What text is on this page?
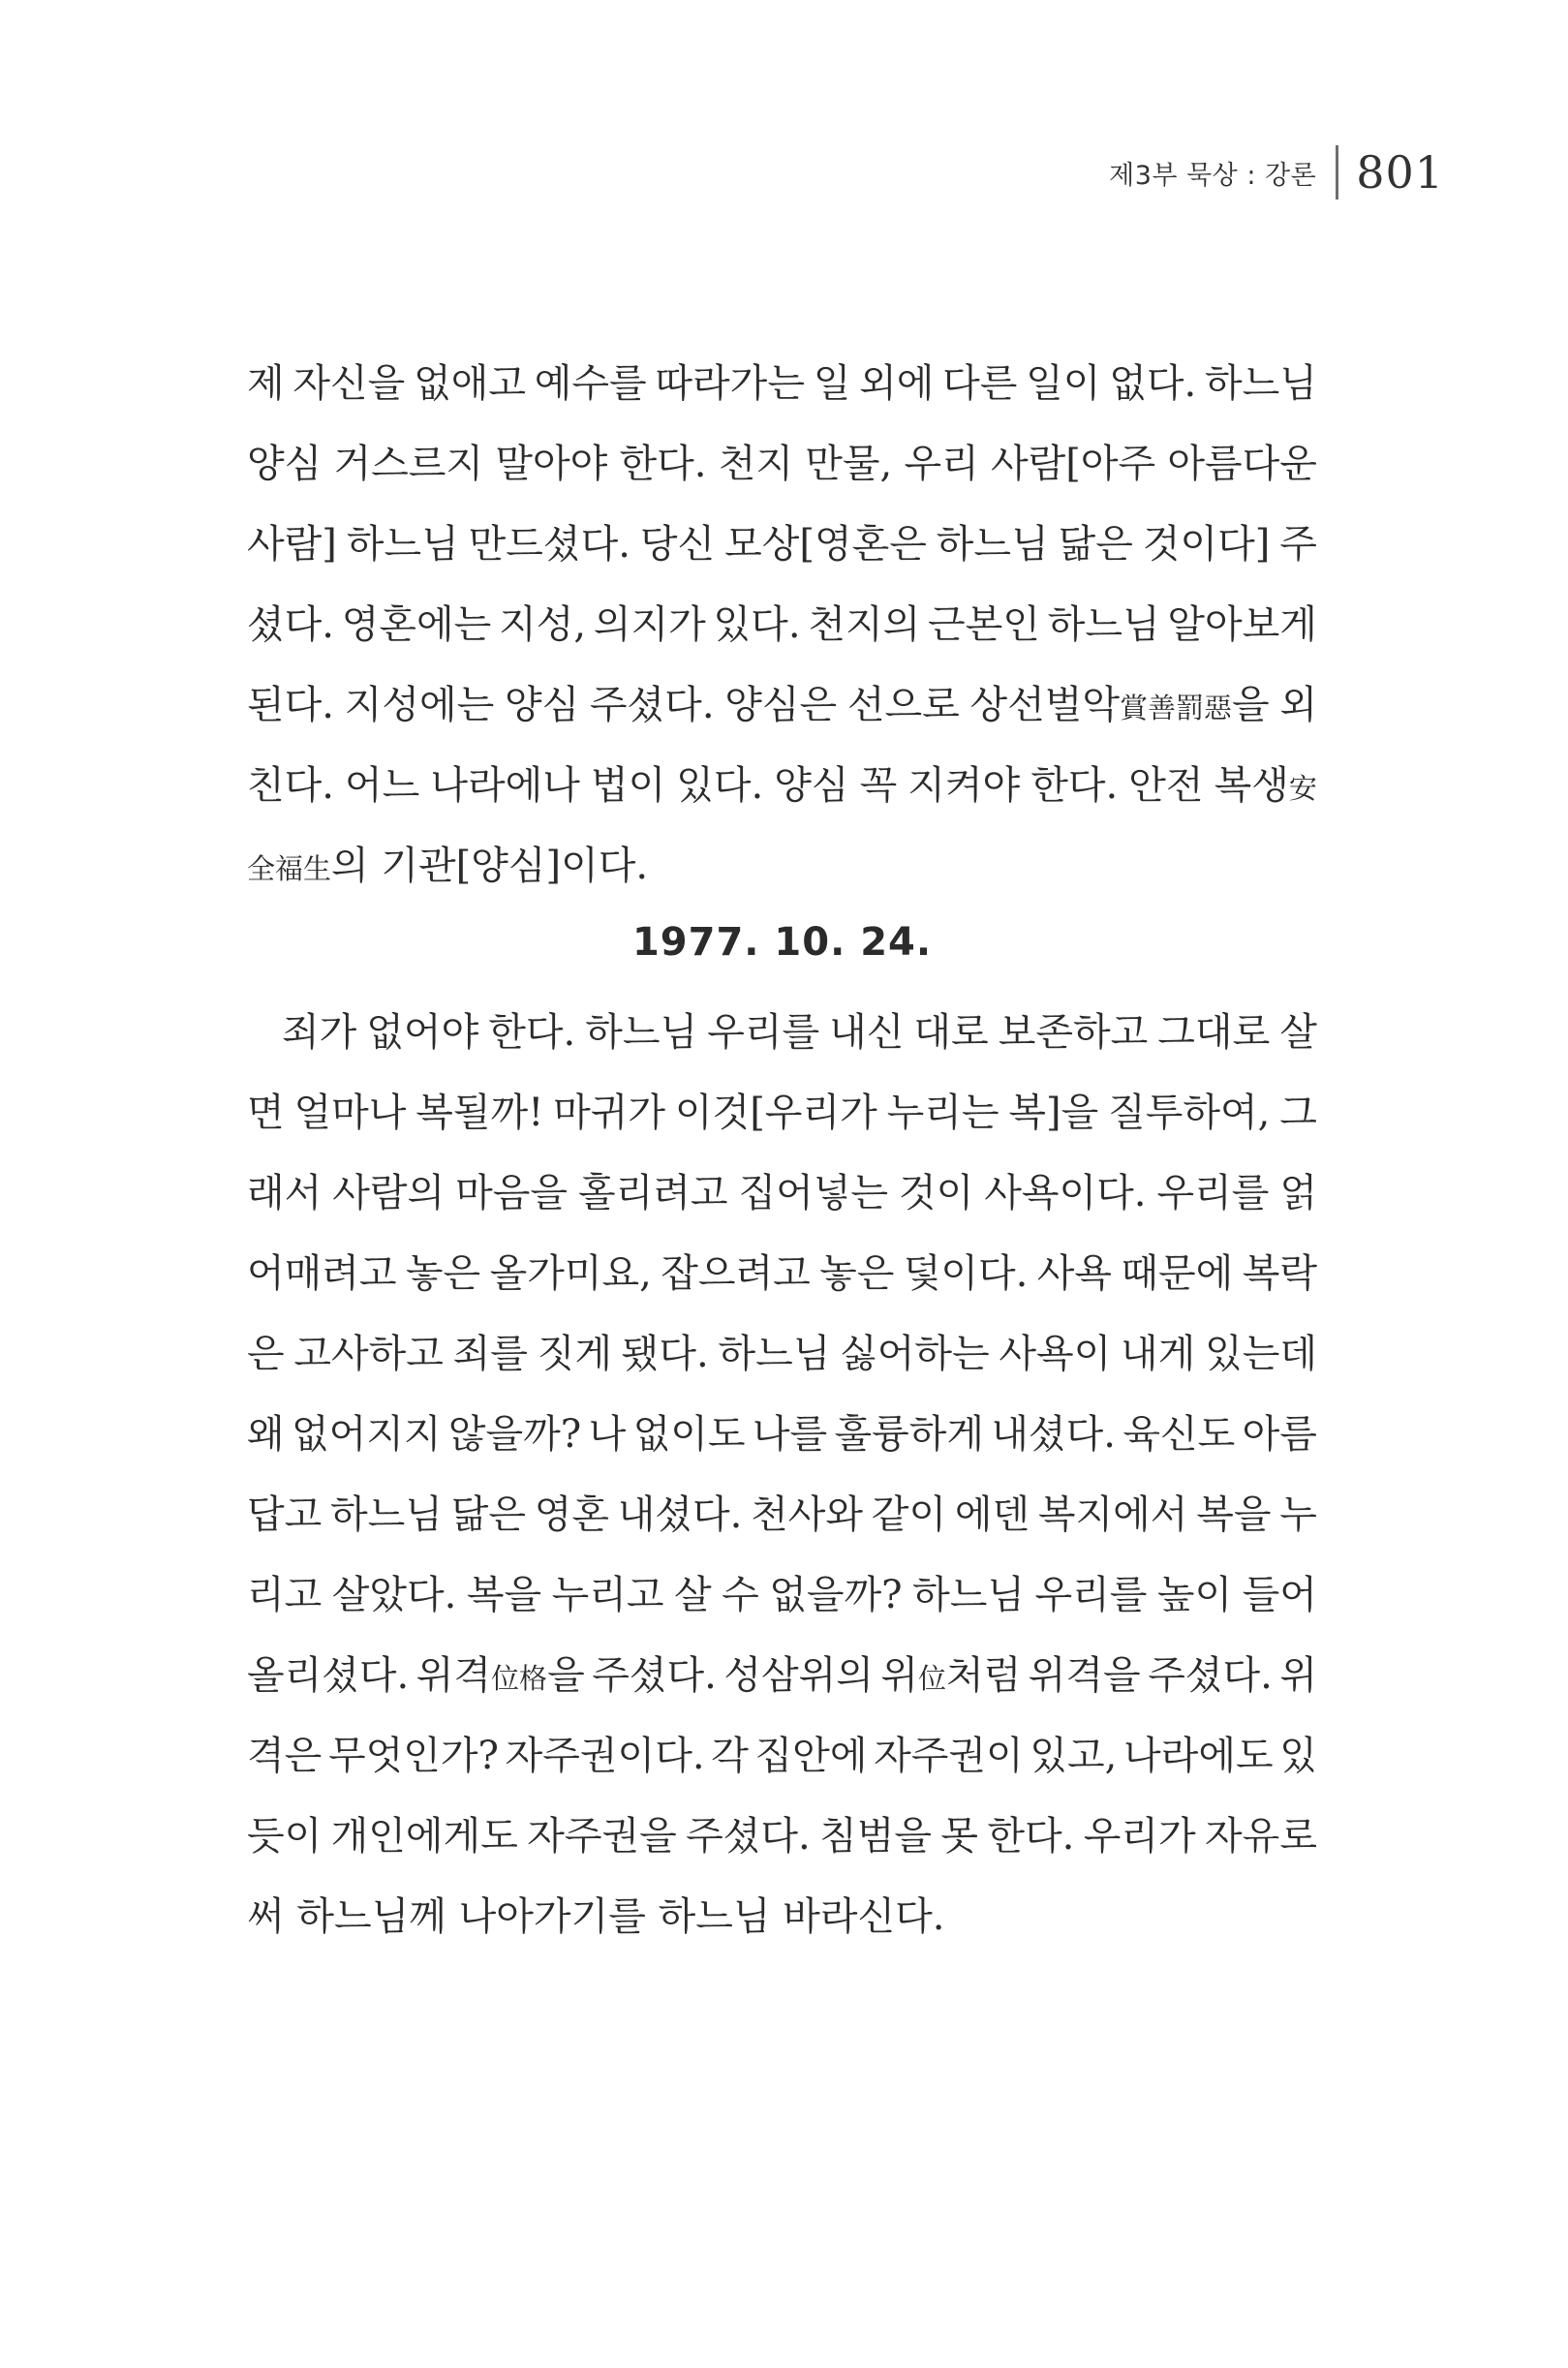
제3부 묵상 : 강론 801
제 자신을 없애고 예수를 따라가는 일 외에 다른 일이 없다. 하느님
양심 거스르지 말아야 한다. 천지 만물, 우리 사람[아주 아름다운
사람] 하느님 만드셨다. 당신 모상[영혼은 하느님 닮은 것이다] 주
셨다. 영혼에는 지성, 의지가 있다. 천지의 근본인 하느님 알아보게
된다. 지성에는 양심 주셨다. 양심은 선으로 상선벌악賞善罰惡을 외
친다. 어느 나라에나 법이 있다. 양심 꼭 지켜야 한다. 안전 복생安
全福生의
기관[양심]이다.
1977. 10. 24.
죄가 없어야 한다. 하느님 우리를 내신 대로 보존하고 그대로 살
면 얼마나 복될까! 마귀가 이것[우리가 누리는 복]을 질투하여, 그
래서 사람의 마음을 홀리려고 집어넣는 것이 사욕이다. 우리를 얽
어매려고 놓은 올가미요, 잡으려고 놓은 덫이다. 사욕 때문에 복락
은 고사하고 죄를 짓게 됐다. 하느님 싫어하는 사욕이 내게 있는데
왜 없어지지 않을까? 나 없이도 나를 훌륭하게 내셨다. 육신도 아름
답고 하느님 닮은 영혼 내셨다. 천사와 같이 에덴 복지에서 복을 누
리고 살았다. 복을 누리고 살 수 없을까? 하느님 우리를 높이 들어
올리셨다. 위격位格을 주셨다. 성삼위의 위位처럼 위격을 주셨다. 위
격은 무엇인가? 자주권이다. 각 집안에 자주권이 있고, 나라에도 있
듯이 개인에게도 자주권을 주셨다. 침범을 못 한다. 우리가 자유로
써
하느님께
나아가기를
하느님
바라신다.
